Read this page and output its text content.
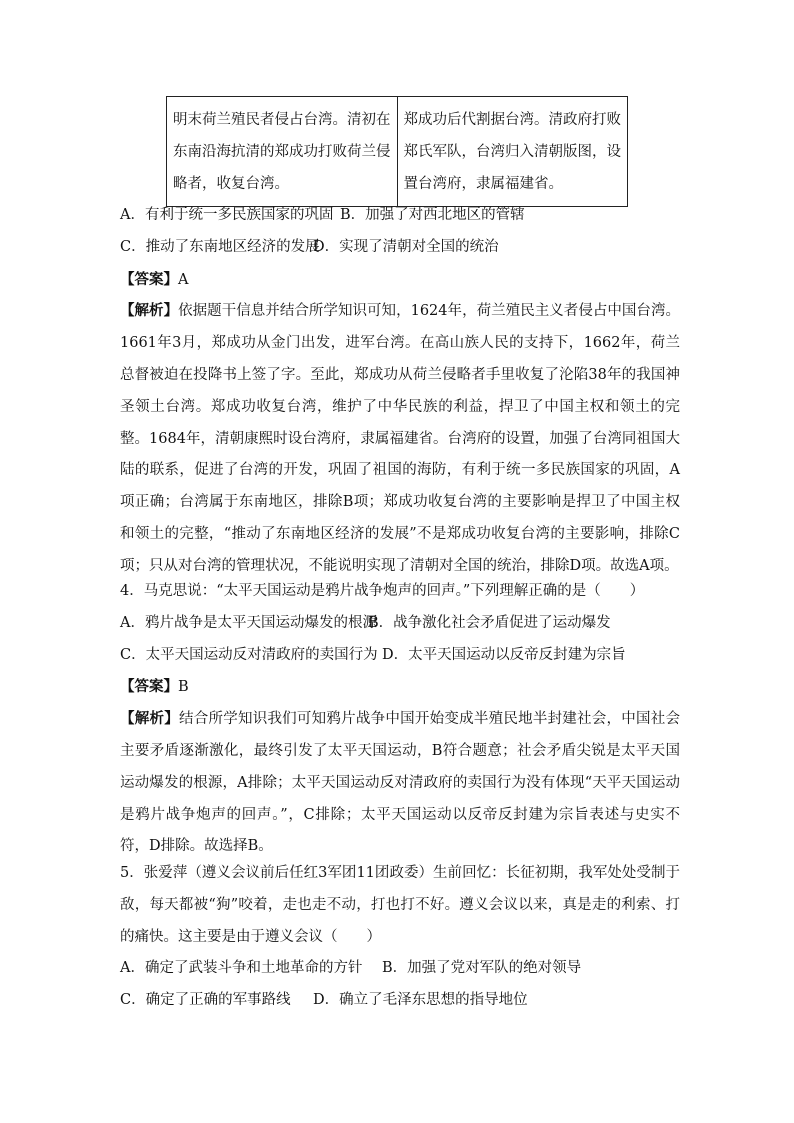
明末荷兰殖民者侵占台湾。清初在东南沿海抗清的郑成功打败荷兰侵略者，收复台湾。	郑成功后代割据台湾。清政府打败郑氏军队，台湾归入清朝版图，设置台湾府，隶属福建省。
A．有利于统一多民族国家的巩固 B．加强了对西北地区的管辖
C．推动了东南地区经济的发展D．实现了清朝对全国的统治
【答案】A
【解析】依据题干信息并结合所学知识可知，1624年，荷兰殖民主义者侵占中国台湾。1661年3月，郑成功从金门出发，进军台湾。在高山族人民的支持下，1662年，荷兰总督被迫在投降书上签了字。至此，郑成功从荷兰侵略者手里收复了沦陷38年的我国神圣领土台湾。郑成功收复台湾，维护了中华民族的利益，捍卫了中国主权和领土的完整。1684年，清朝康熙时设台湾府，隶属福建省。台湾府的设置，加强了台湾同祖国大陆的联系，促进了台湾的开发，巩固了祖国的海防，有利于统一多民族国家的巩固，A项正确；台湾属于东南地区，排除B项；郑成功收复台湾的主要影响是捍卫了中国主权和领土的完整，“推动了东南地区经济的发展”不是郑成功收复台湾的主要影响，排除C项；只从对台湾的管理状况，不能说明实现了清朝对全国的统治，排除D项。故选A项。
4．马克思说：“太平天国运动是鸦片战争炮声的回声。”下列理解正确的是（　　）
A．鸦片战争是太平天国运动爆发的根源B．战争激化社会矛盾促进了运动爆发
C．太平天国运动反对清政府的卖国行为 D．太平天国运动以反帝反封建为宗旨
【答案】B
【解析】结合所学知识我们可知鸦片战争中国开始变成半殖民地半封建社会，中国社会主要矛盾逐渐激化，最终引发了太平天国运动，B符合题意；社会矛盾尖锐是太平天国运动爆发的根源，A排除；太平天国运动反对清政府的卖国行为没有体现“天平天国运动是鸦片战争炮声的回声。”，C排除；太平天国运动以反帝反封建为宗旨表述与史实不符，D排除。故选择B。
5．张爱萍（遵义会议前后任红3军团11团政委）生前回忆：长征初期，我军处处受制于敌，每天都被“狗”咬着，走也走不动，打也打不好。遵义会议以来，真是走的利索、打的痛快。这主要是由于遵义会议（　　）
A．确定了武装斗争和土地革命的方针 B．加强了党对军队的绝对领导
C．确定了正确的军事路线 D．确立了毛泽东思想的指导地位
